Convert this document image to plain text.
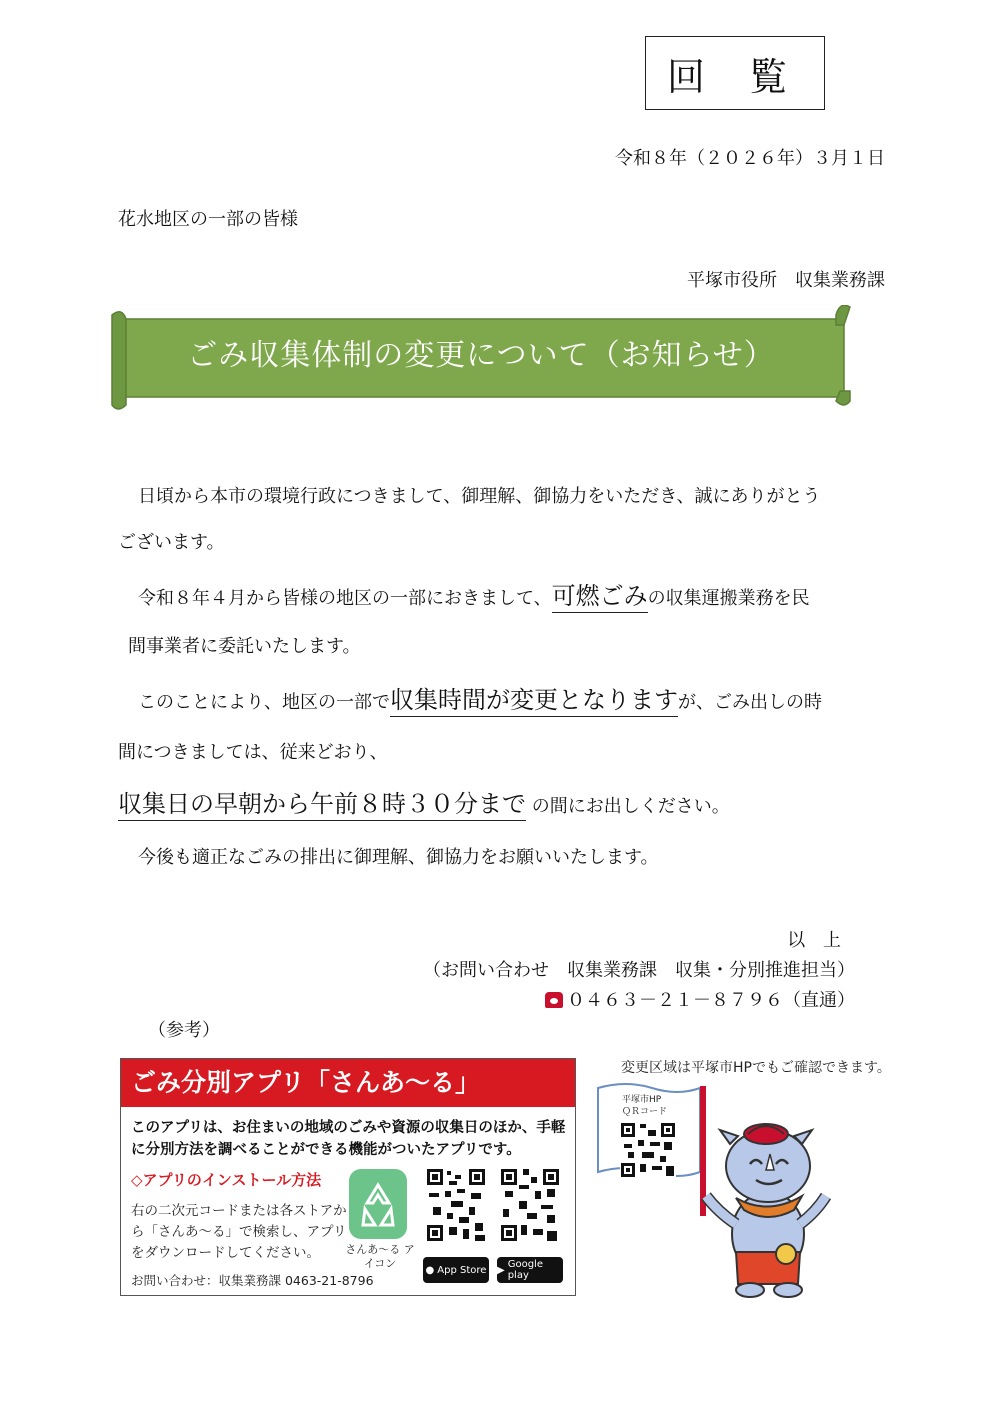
回 覧
令和８年（２０２６年）３月１日
花水地区の一部の皆様
平塚市役所　収集業務課
ごみ収集体制の変更について（お知らせ）
日頃から本市の環境行政につきまして、御理解、御協力をいただき、誠にありがとう
ございます。
令和８年４月から皆様の地区の一部におきまして、可燃ごみの収集運搬業務を民
間事業者に委託いたします。
このことにより、地区の一部で収集時間が変更となりますが、ごみ出しの時
間につきましては、従来どおり、
収集日の早朝から午前８時３０分まで の間にお出しください。
今後も適正なごみの排出に御理解、御協力をお願いいたします。
以 上
（お問い合わせ　収集業務課　収集・分別推進担当）
０４６３－２１－８７９６（直通）
（参考）
ごみ分別アプリ「さんあ〜る」
このアプリは、お住まいの地域のごみや資源の収集日のほか、手軽に分別方法を調べることができる機能がついたアプリです。
◇アプリのインストール方法
右の二次元コードまたは各ストアから「さんあ〜る」で検索し、アプリをダウンロードしてください。
お問い合わせ：収集業務課 0463-21-8796
さんあ〜る アイコン	● App Store ▶ Google play
変更区域は平塚市HPでもご確認できます。
平塚市HP
ＱＲコード
